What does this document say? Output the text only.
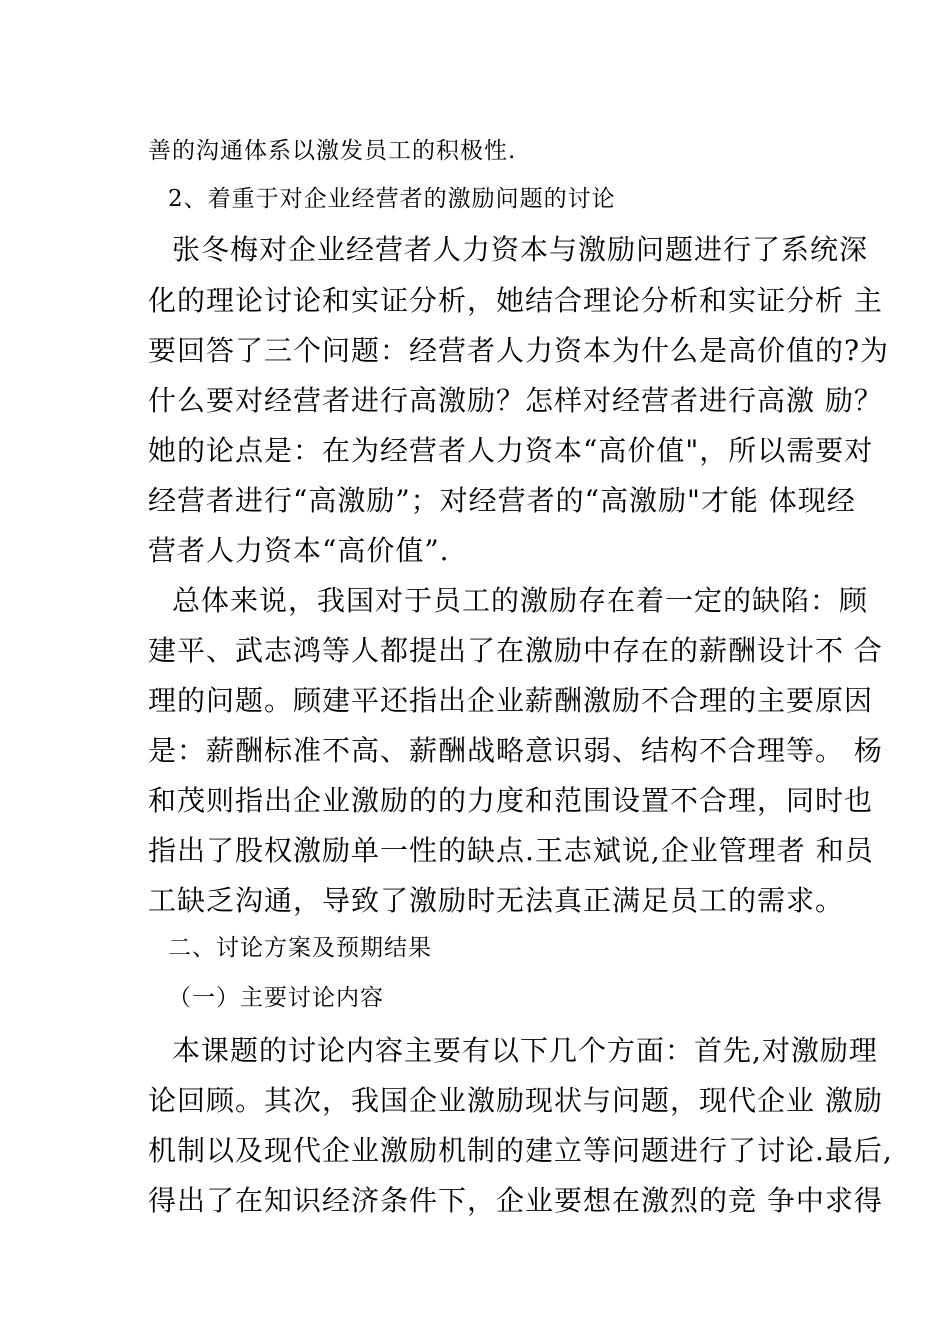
善的沟通体系以激发员工的积极性.
2、着重于对企业经营者的激励问题的讨论
张冬梅对企业经营者人力资本与激励问题进行了系统深
化的理论讨论和实证分析，她结合理论分析和实证分析 主
要回答了三个问题：经营者人力资本为什么是高价值的?为
什么要对经营者进行高激励？怎样对经营者进行高激 励？
她的论点是：在为经营者人力资本“高价值"，所以需要对
经营者进行“高激励”；对经营者的“高激励"才能 体现经
营者人力资本“高价值”.
总体来说，我国对于员工的激励存在着一定的缺陷：顾
建平、武志鸿等人都提出了在激励中存在的薪酬设计不 合
理的问题。顾建平还指出企业薪酬激励不合理的主要原因
是：薪酬标准不高、薪酬战略意识弱、结构不合理等。 杨
和茂则指出企业激励的的力度和范围设置不合理，同时也
指出了股权激励单一性的缺点.王志斌说,企业管理者 和员
工缺乏沟通，导致了激励时无法真正满足员工的需求。
二、讨论方案及预期结果
（一）主要讨论内容
本课题的讨论内容主要有以下几个方面：首先,对激励理
论回顾。其次，我国企业激励现状与问题，现代企业 激励
机制以及现代企业激励机制的建立等问题进行了讨论.最后,
得出了在知识经济条件下，企业要想在激烈的竞 争中求得
